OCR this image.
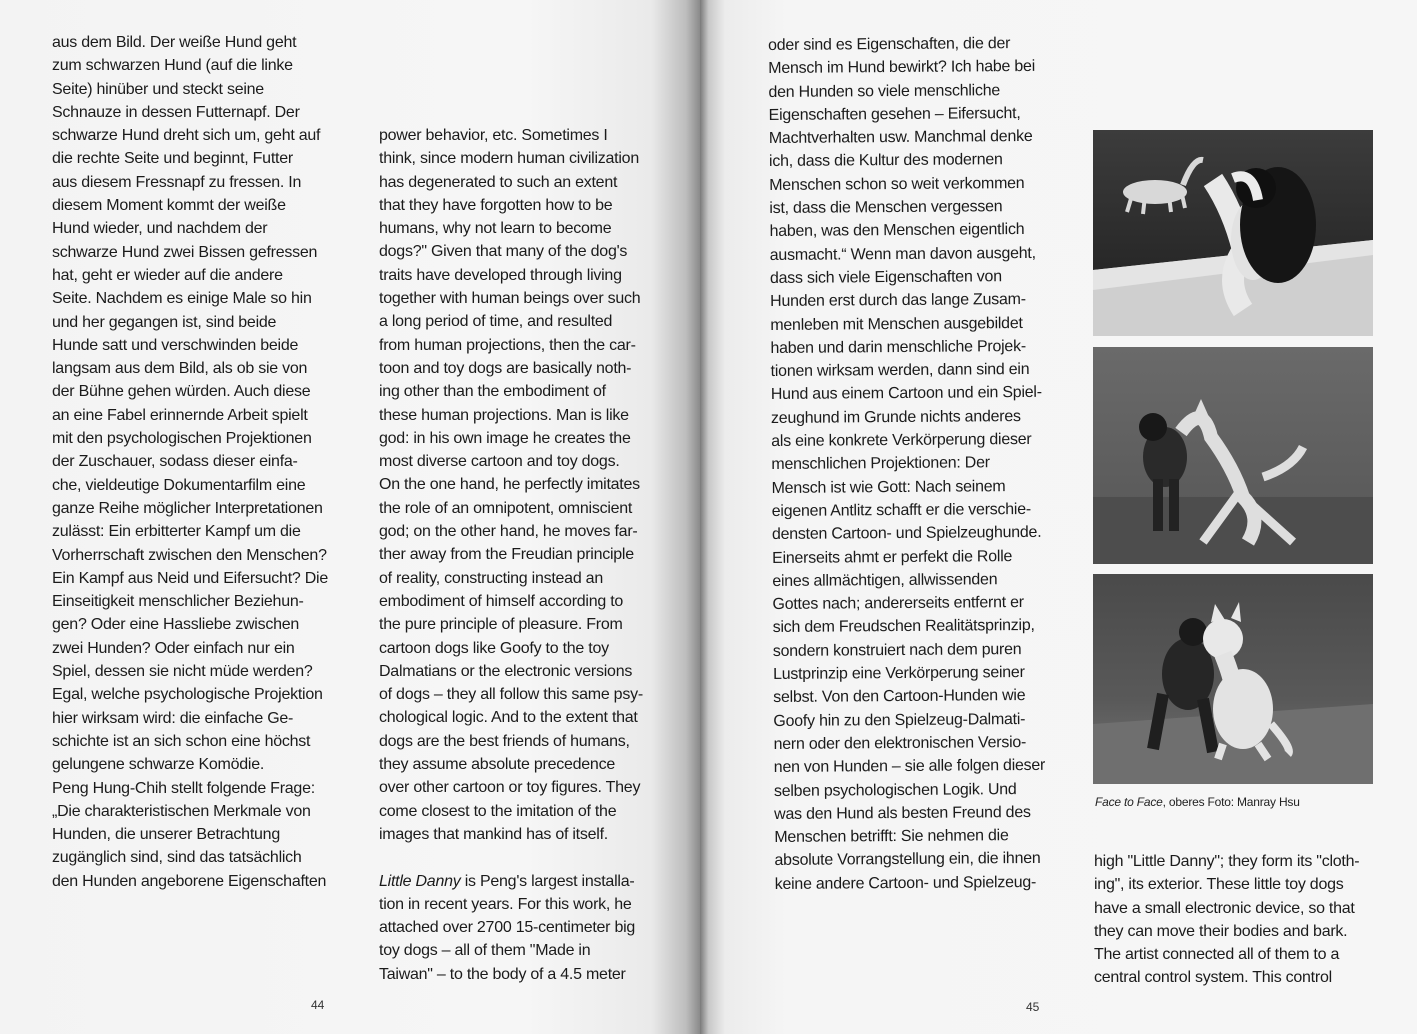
aus dem Bild. Der weiße Hund geht
zum schwarzen Hund (auf die linke
Seite) hinüber und steckt seine
Schnauze in dessen Futternapf. Der
schwarze Hund dreht sich um, geht auf
die rechte Seite und beginnt, Futter
aus diesem Fressnapf zu fressen. In
diesem Moment kommt der weiße
Hund wieder, und nachdem der
schwarze Hund zwei Bissen gefressen
hat, geht er wieder auf die andere
Seite. Nachdem es einige Male so hin
und her gegangen ist, sind beide
Hunde satt und verschwinden beide
langsam aus dem Bild, als ob sie von
der Bühne gehen würden. Auch diese
an eine Fabel erinnernde Arbeit spielt
mit den psychologischen Projektionen
der Zuschauer, sodass dieser einfa-
che, vieldeutige Dokumentarfilm eine
ganze Reihe möglicher Interpretationen
zulässt: Ein erbitterter Kampf um die
Vorherrschaft zwischen den Menschen?
Ein Kampf aus Neid und Eifersucht? Die
Einseitigkeit menschlicher Beziehun-
gen? Oder eine Hassliebe zwischen
zwei Hunden? Oder einfach nur ein
Spiel, dessen sie nicht müde werden?
Egal, welche psychologische Projektion
hier wirksam wird: die einfache Ge-
schichte ist an sich schon eine höchst
gelungene schwarze Komödie.
Peng Hung-Chih stellt folgende Frage:
„Die charakteristischen Merkmale von
Hunden, die unserer Betrachtung
zugänglich sind, sind das tatsächlich
den Hunden angeborene Eigenschaften
power behavior, etc. Sometimes I
think, since modern human civilization
has degenerated to such an extent
that they have forgotten how to be
humans, why not learn to become
dogs?" Given that many of the dog's
traits have developed through living
together with human beings over such
a long period of time, and resulted
from human projections, then the car-
toon and toy dogs are basically noth-
ing other than the embodiment of
these human projections. Man is like
god: in his own image he creates the
most diverse cartoon and toy dogs.
On the one hand, he perfectly imitates
the role of an omnipotent, omniscient
god; on the other hand, he moves far-
ther away from the Freudian principle
of reality, constructing instead an
embodiment of himself according to
the pure principle of pleasure. From
cartoon dogs like Goofy to the toy
Dalmatians or the electronic versions
of dogs – they all follow this same psy-
chological logic. And to the extent that
dogs are the best friends of humans,
they assume absolute precedence
over other cartoon or toy figures. They
come closest to the imitation of the
images that mankind has of itself.
Little Danny is Peng's largest installa-
tion in recent years. For this work, he
attached over 2700 15-centimeter big
toy dogs – all of them "Made in
Taiwan" – to the body of a 4.5 meter
44
oder sind es Eigenschaften, die der
Mensch im Hund bewirkt? Ich habe bei
den Hunden so viele menschliche
Eigenschaften gesehen – Eifersucht,
Machtverhalten usw. Manchmal denke
ich, dass die Kultur des modernen
Menschen schon so weit verkommen
ist, dass die Menschen vergessen
haben, was den Menschen eigentlich
ausmacht.“ Wenn man davon ausgeht,
dass sich viele Eigenschaften von
Hunden erst durch das lange Zusam-
menleben mit Menschen ausgebildet
haben und darin menschliche Projek-
tionen wirksam werden, dann sind ein
Hund aus einem Cartoon und ein Spiel-
zeughund im Grunde nichts anderes
als eine konkrete Verkörperung dieser
menschlichen Projektionen: Der
Mensch ist wie Gott: Nach seinem
eigenen Antlitz schafft er die verschie-
densten Cartoon- und Spielzeughunde.
Einerseits ahmt er perfekt die Rolle
eines allmächtigen, allwissenden
Gottes nach; andererseits entfernt er
sich dem Freudschen Realitätsprinzip,
sondern konstruiert nach dem puren
Lustprinzip eine Verkörperung seiner
selbst. Von den Cartoon-Hunden wie
Goofy hin zu den Spielzeug-Dalmati-
nern oder den elektronischen Versio-
nen von Hunden – sie alle folgen dieser
selben psychologischen Logik. Und
was den Hund als besten Freund des
Menschen betrifft: Sie nehmen die
absolute Vorrangstellung ein, die ihnen
keine andere Cartoon- und Spielzeug-
Face to Face, oberes Foto: Manray Hsu
high "Little Danny"; they form its "cloth-
ing", its exterior. These little toy dogs
have a small electronic device, so that
they can move their bodies and bark.
The artist connected all of them to a
central control system. This control
45
